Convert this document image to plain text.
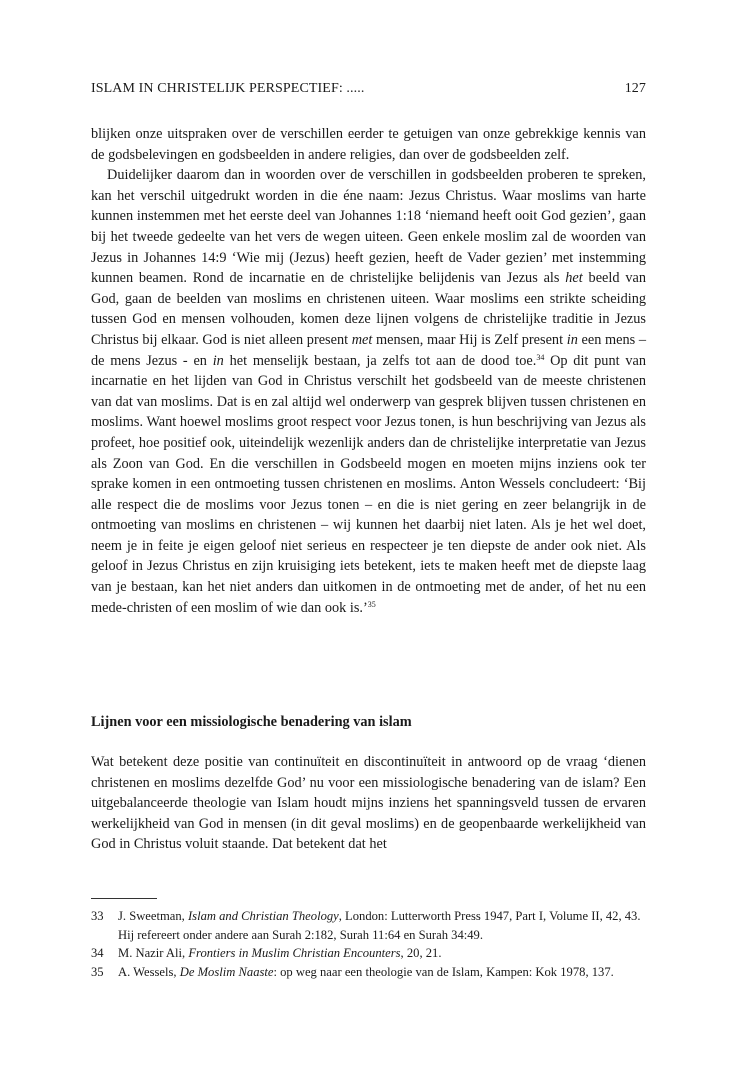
ISLAM IN CHRISTELIJK PERSPECTIEF: .....	127

blijken onze uitspraken over de verschillen eerder te getuigen van onze gebrekkige kennis van de godsbelevingen en godsbeelden in andere religies, dan over de godsbeelden zelf.

Duidelijker daarom dan in woorden over de verschillen in godsbeelden proberen te spreken, kan het verschil uitgedrukt worden in die éne naam: Jezus Christus. Waar moslims van harte kunnen instemmen met het eerste deel van Johannes 1:18 ‘niemand heeft ooit God gezien’, gaan bij het tweede gedeelte van het vers de wegen uiteen. Geen enkele moslim zal de woorden van Jezus in Johannes 14:9 ‘Wie mij (Jezus) heeft gezien, heeft de Vader gezien’ met instemming kunnen beamen. Rond de incarnatie en de christelijke belijdenis van Jezus als het beeld van God, gaan de beelden van moslims en christenen uiteen. Waar moslims een strikte scheiding tussen God en mensen volhouden, komen deze lijnen volgens de christelijke traditie in Jezus Christus bij elkaar. God is niet alleen present met mensen, maar Hij is Zelf present in een mens – de mens Jezus - en in het menselijk bestaan, ja zelfs tot aan de dood toe.$^{34}$ Op dit punt van incarnatie en het lijden van God in Christus verschilt het godsbeeld van de meeste christenen van dat van moslims. Dat is en zal altijd wel onderwerp van gesprek blijven tussen christenen en moslims. Want hoewel moslims groot respect voor Jezus tonen, is hun beschrijving van Jezus als profeet, hoe positief ook, uiteindelijk wezenlijk anders dan de christelijke interpretatie van Jezus als Zoon van God. En die verschillen in Godsbeeld mogen en moeten mijns inziens ook ter sprake komen in een ontmoeting tussen christenen en moslims. Anton Wessels concludeert: ‘Bij alle respect die de moslims voor Jezus tonen – en die is niet gering en zeer belangrijk in de ontmoeting van moslims en christenen – wij kunnen het daarbij niet laten. Als je het wel doet, neem je in feite je eigen geloof niet serieus en respecteer je ten diepste de ander ook niet. Als geloof in Jezus Christus en zijn kruisiging iets betekent, iets te maken heeft met de diepste laag van je bestaan, kan het niet anders dan uitkomen in de ontmoeting met de ander, of het nu een mede-christen of een moslim of wie dan ook is.’$^{35}$

Lijnen voor een missiologische benadering van islam

Wat betekent deze positie van continuïteit en discontinuïteit in antwoord op de vraag ‘dienen christenen en moslims dezelfde God’ nu voor een missiologische benadering van de islam? Een uitgebalanceerde theologie van Islam houdt mijns inziens het spanningsveld tussen de ervaren werkelijkheid van God in mensen (in dit geval moslims) en de geopenbaarde werkelijkheid van God in Christus voluit staande. Dat betekent dat het

33	J. Sweetman, Islam and Christian Theology, London: Lutterworth Press 1947, Part I, Volume II, 42, 43. Hij refereert onder andere aan Surah 2:182, Surah 11:64 en Surah 34:49.
34	M. Nazir Ali, Frontiers in Muslim Christian Encounters, 20, 21.
35	A. Wessels, De Moslim Naaste: op weg naar een theologie van de Islam, Kampen: Kok 1978, 137.
